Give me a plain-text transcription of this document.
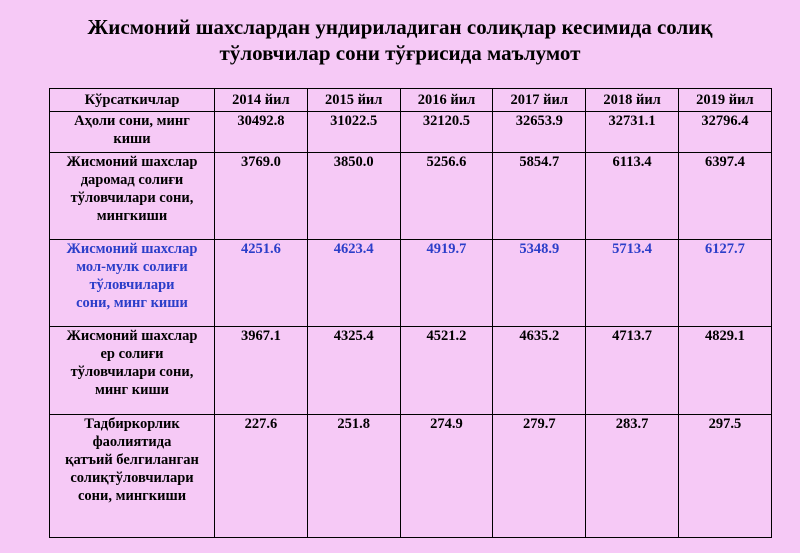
Жисмоний шахслардан ундириладиган солиқлар кесимида солиқ
тўловчилар сони тўғрисида маълумот
Кўрсаткичлар	2014 йил	2015 йил	2016 йил	2017 йил	2018 йил	2019 йил

Аҳоли сони, минг
киши	30492.8	31022.5	32120.5	32653.9	32731.1	32796.4

Жисмоний шахслар
даромад солиғи
тўловчилари сони,
мингкиши	3769.0	3850.0	5256.6	5854.7	6113.4	6397.4

Жисмоний шахслар
мол-мулк солиғи
тўловчилари
сони, минг киши	4251.6	4623.4	4919.7	5348.9	5713.4	6127.7

Жисмоний шахслар
ер солиғи
тўловчилари сони,
минг киши	3967.1	4325.4	4521.2	4635.2	4713.7	4829.1

Тадбиркорлик
фаолиятида
қатъий белгиланган
солиқтўловчилари
сони, мингкиши	227.6	251.8	274.9	279.7	283.7	297.5
